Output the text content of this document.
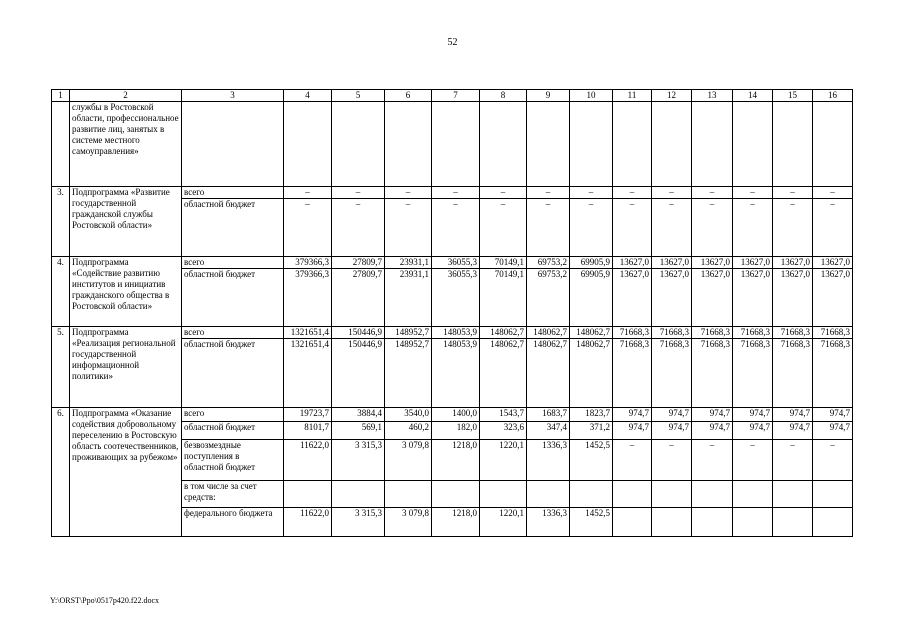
52
1	2	3	4	5	6	7	8	9	10	11	12	13	14	15	16
	службы в Ростовской области, профессиональное развитие лиц, занятых в системе местного самоуправления»														
3.	Подпрограмма «Развитие государственной гражданской службы Ростовской области»	всего	–	–	–	–	–	–	–	–	–	–	–	–	–
		областной бюджет	–	–	–	–	–	–	–	–	–	–	–	–	–
4.	Подпрограмма «Содействие развитию институтов и инициатив гражданского общества в Ростовской области»	всего	379366,3	27809,7	23931,1	36055,3	70149,1	69753,2	69905,9	13627,0	13627,0	13627,0	13627,0	13627,0	13627,0
		областной бюджет	379366,3	27809,7	23931,1	36055,3	70149,1	69753,2	69905,9	13627,0	13627,0	13627,0	13627,0	13627,0	13627,0
5.	Подпрограмма «Реализация региональной государственной информационной политики»	всего	1321651,4	150446,9	148952,7	148053,9	148062,7	148062,7	148062,7	71668,3	71668,3	71668,3	71668,3	71668,3	71668,3
		областной бюджет	1321651,4	150446,9	148952,7	148053,9	148062,7	148062,7	148062,7	71668,3	71668,3	71668,3	71668,3	71668,3	71668,3
6.	Подпрограмма «Оказание содействия добровольному переселению в Ростовскую область соотечественников, проживающих за рубежом»	всего	19723,7	3884,4	3540,0	1400,0	1543,7	1683,7	1823,7	974,7	974,7	974,7	974,7	974,7	974,7
		областной бюджет	8101,7	569,1	460,2	182,0	323,6	347,4	371,2	974,7	974,7	974,7	974,7	974,7	974,7
		безвозмездные поступления в областной бюджет	11622,0	3 315,3	3 079,8	1218,0	1220,1	1336,3	1452,5	–	–	–	–	–	–
		в том числе за счет средств:													
		федерального бюджета	11622,0	3 315,3	3 079,8	1218,0	1220,1	1336,3	1452,5						
Y:\ORST\Ppo\0517p420.f22.docx
